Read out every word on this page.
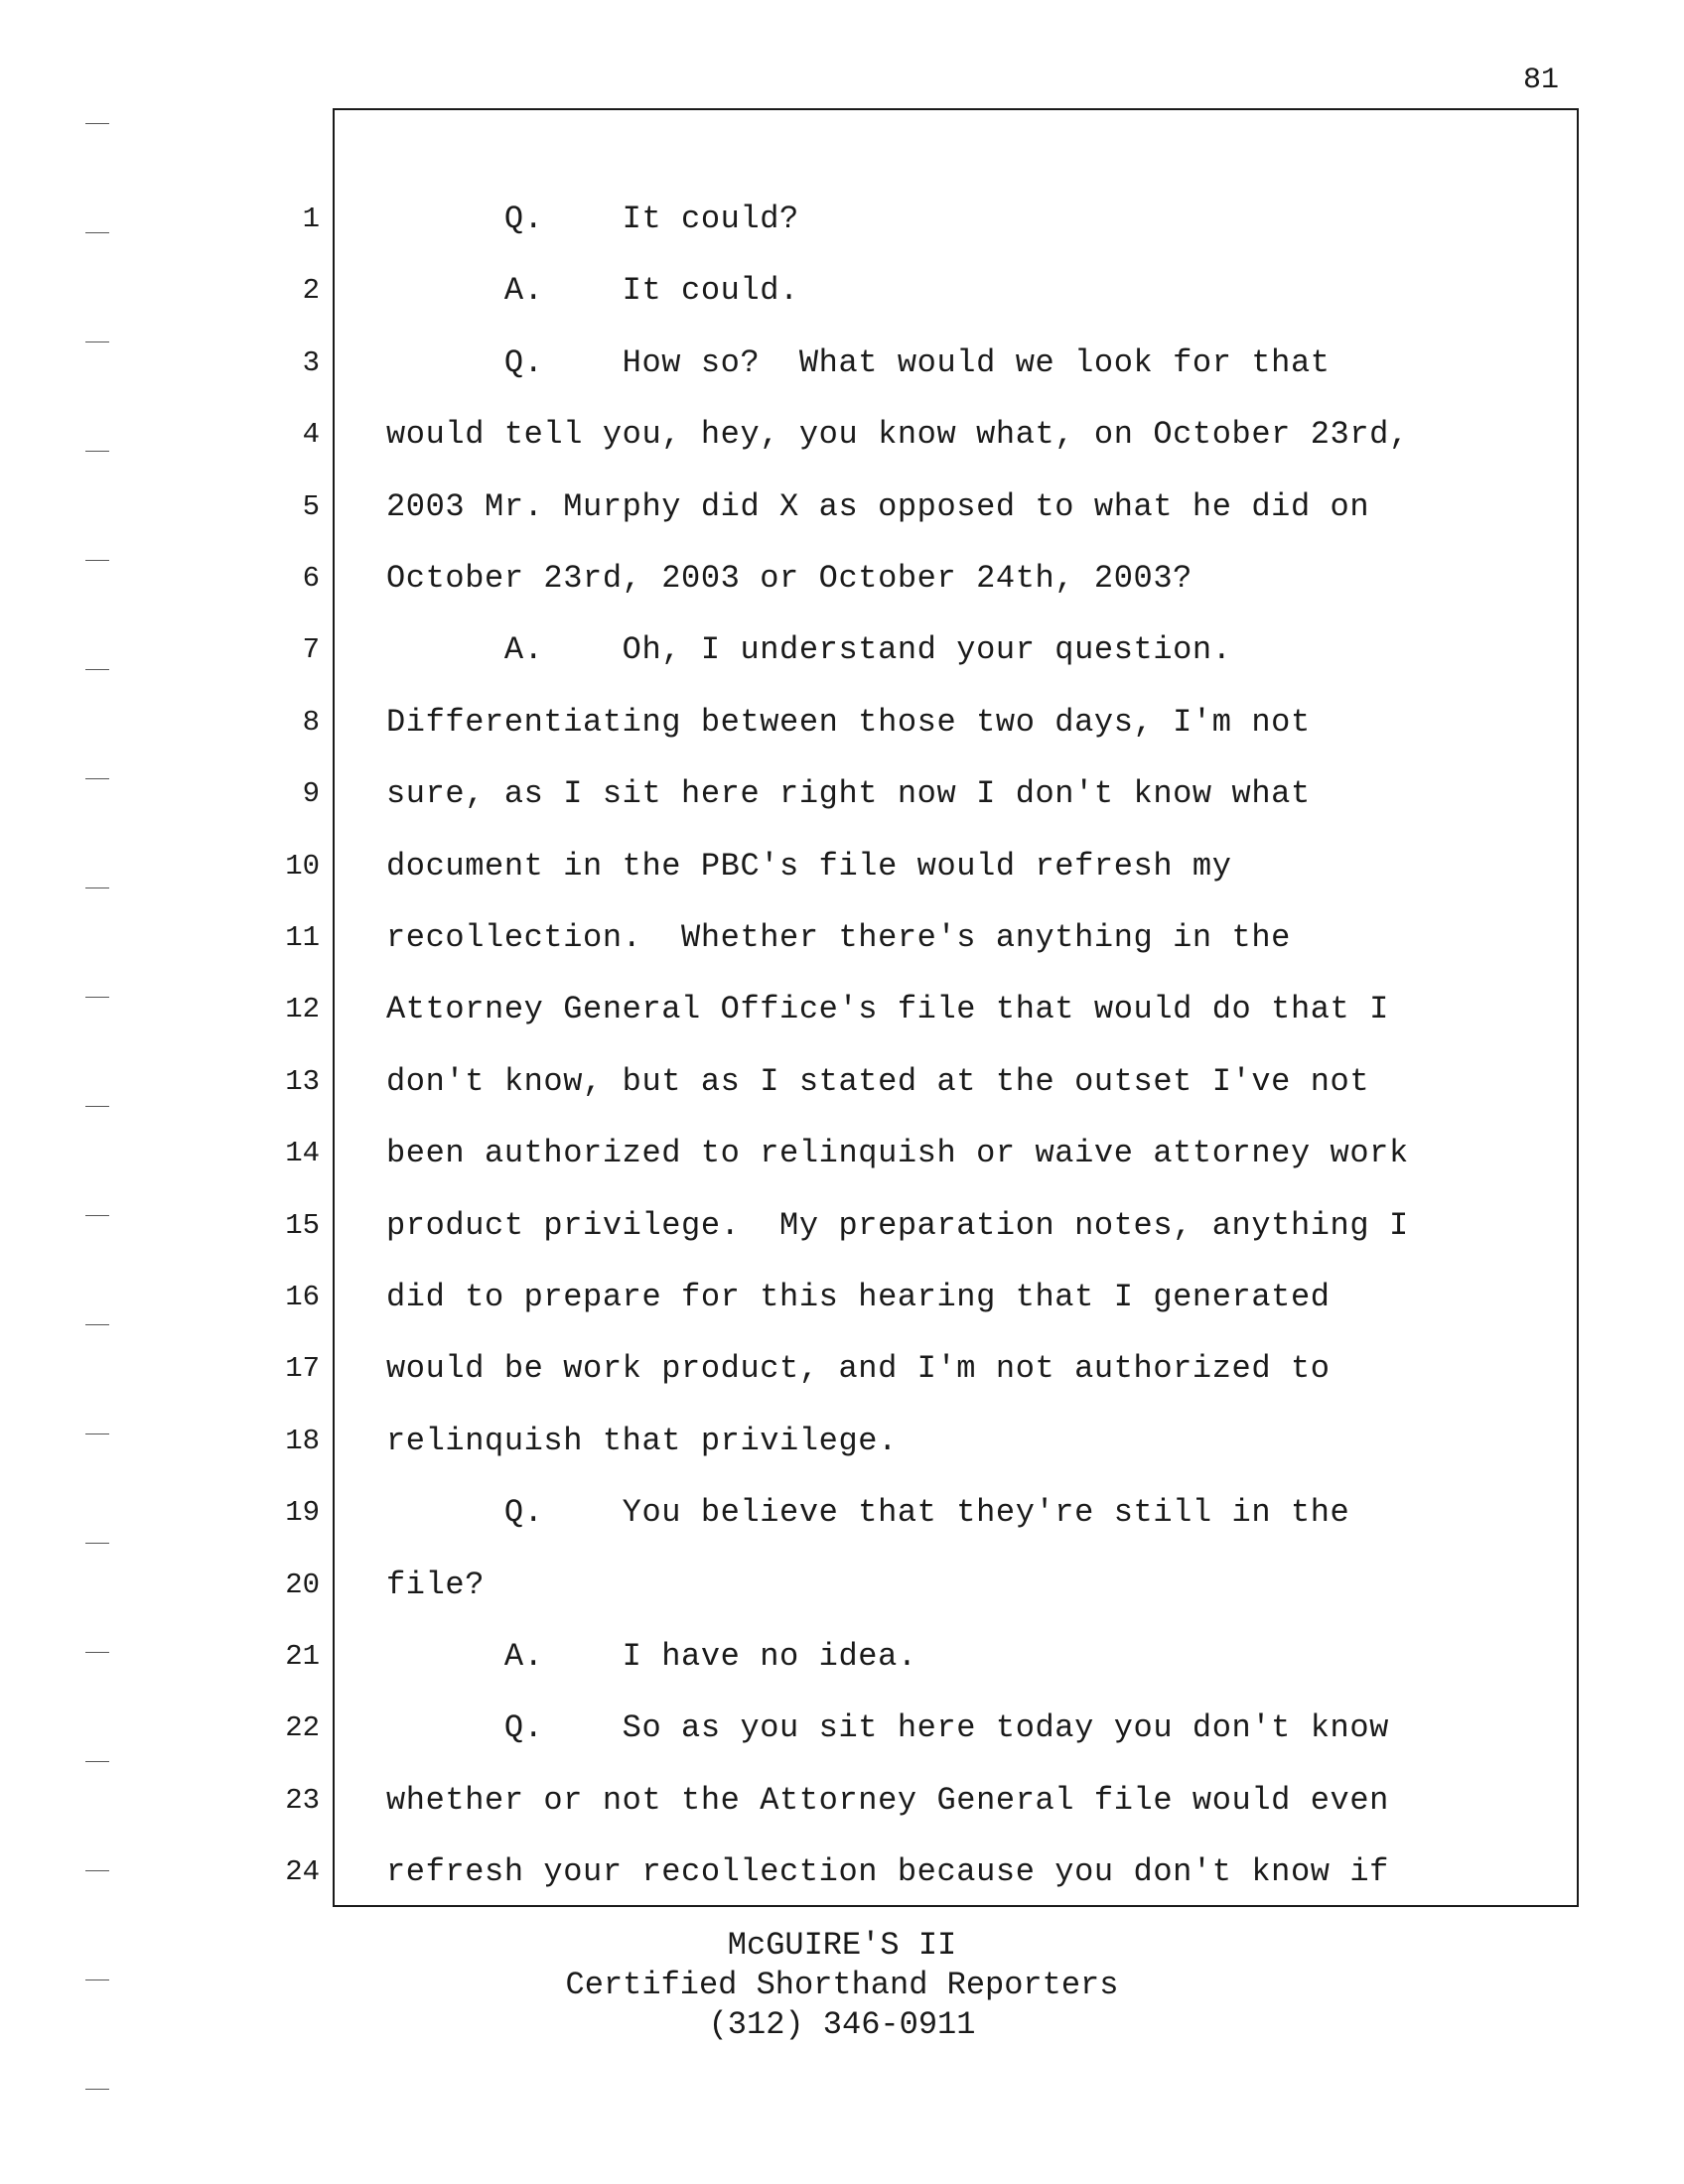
81
1 Q.    It could?
2 A.    It could.
3 Q.    How so?  What would we look for that
4 would tell you, hey, you know what, on October 23rd,
5 2003 Mr. Murphy did X as opposed to what he did on
6 October 23rd, 2003 or October 24th, 2003?
7 A.    Oh, I understand your question.
8 Differentiating between those two days, I'm not
9 sure, as I sit here right now I don't know what
10 document in the PBC's file would refresh my
11 recollection.  Whether there's anything in the
12 Attorney General Office's file that would do that I
13 don't know, but as I stated at the outset I've not
14 been authorized to relinquish or waive attorney work
15 product privilege.  My preparation notes, anything I
16 did to prepare for this hearing that I generated
17 would be work product, and I'm not authorized to
18 relinquish that privilege.
19 Q.    You believe that they're still in the
20 file?
21 A.    I have no idea.
22 Q.    So as you sit here today you don't know
23 whether or not the Attorney General file would even
24 refresh your recollection because you don't know if
McGUIRE'S II
Certified Shorthand Reporters
(312) 346-0911
